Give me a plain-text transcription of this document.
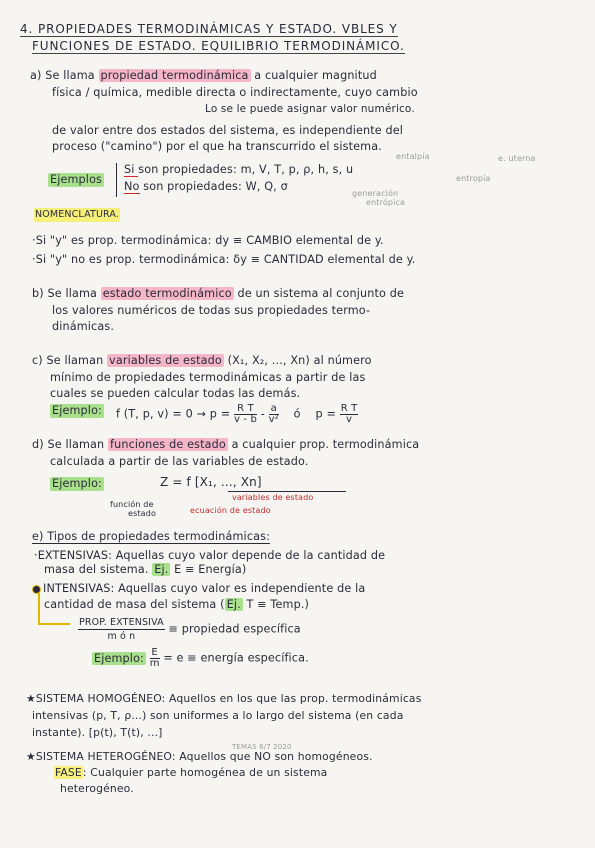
4. PROPIEDADES TERMODINÁMICAS Y ESTADO. VBLES Y
FUNCIONES DE ESTADO. EQUILIBRIO TERMODINÁMICO.
a) Se llama propiedad termodinámica a cualquier magnitud
física / química, medible directa o indirectamente, cuyo cambio
Lo se le puede asignar valor numérico.
de valor entre dos estados del sistema, es independiente del
proceso ("camino") por el que ha transcurrido el sistema.
entalpía	e. uterna
entropía
Ejemplos
Si son propiedades: m, V, T, p, ρ, h, s, u
No son propiedades: W, Q, σ
generación
entrópica
NOMENCLATURA.
·Si "y" es prop. termodinámica: dy ≡ CAMBIO elemental de y.
·Si "y" no es prop. termodinámica: δy ≡ CANTIDAD elemental de y.
b) Se llama estado termodinámico de un sistema al conjunto de
los valores numéricos de todas sus propiedades termo-
dinámicas.
c) Se llaman variables de estado (X₁, X₂, ..., Xn) al número
mínimo de propiedades termodinámicas a partir de las
cuales se pueden calcular todas las demás.
Ejemplo: f (T, p, $v) = 0 \to p = \frac{\text{R T}}{v - b} - \frac{a}{\text{v²}}$ ó $p = \frac{\text{R T}}{v}$
d) Se llaman funciones de estado a cualquier prop. termodinámica
calculada a partir de las variables de estado.
Ejemplo:	Z = f [X₁, ..., Xn]
variables de estado
función de
estado	ecuación de estado
e) Tipos de propiedades termodinámicas:
·EXTENSIVAS: Aquellas cuyo valor depende de la cantidad de
masa del sistema. Ej. E ≡ Energía)
INTENSIVAS: Aquellas cuyo valor es independiente de la
cantidad de masa del sistema ( Ej. T ≡ Temp.)
$\frac{\text{PROP. EXTENSIVA}}{\text{m ó n}}$ ≡ propiedad específica
Ejemplo: $\frac{E}{m} = e$ ≡ energía específica.
★SISTEMA HOMOGÉNEO: Aquellos en los que las prop. termodinámicas
intensivas (p, T, ρ...) son uniformes a lo largo del sistema (en cada
instante). [p(t), T(t), ...]
TEMAS 6/7 2020
★SISTEMA HETEROGÉNEO: Aquellos que NO son homogéneos.
FASE: Cualquier parte homogénea de un sistema
heterogéneo.
